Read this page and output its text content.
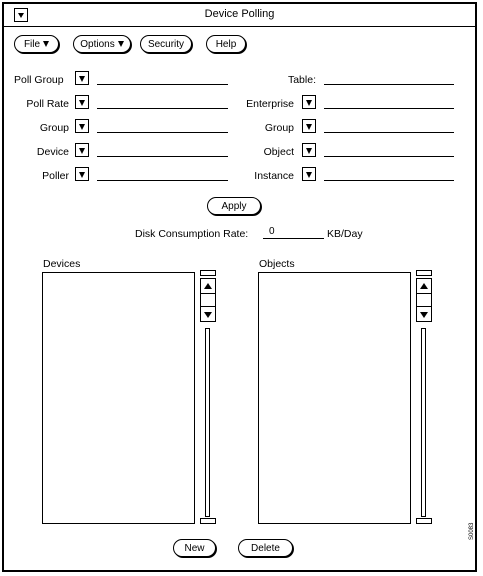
Device Polling
File	Options	Security	Help
Poll Group
Poll Rate
Group
Device
Poller
Table:
Enterprise
Group
Object
Instance
Apply
Disk Consumption Rate:	0	KB/Day
Devices	Objects
New	Delete
S0083
